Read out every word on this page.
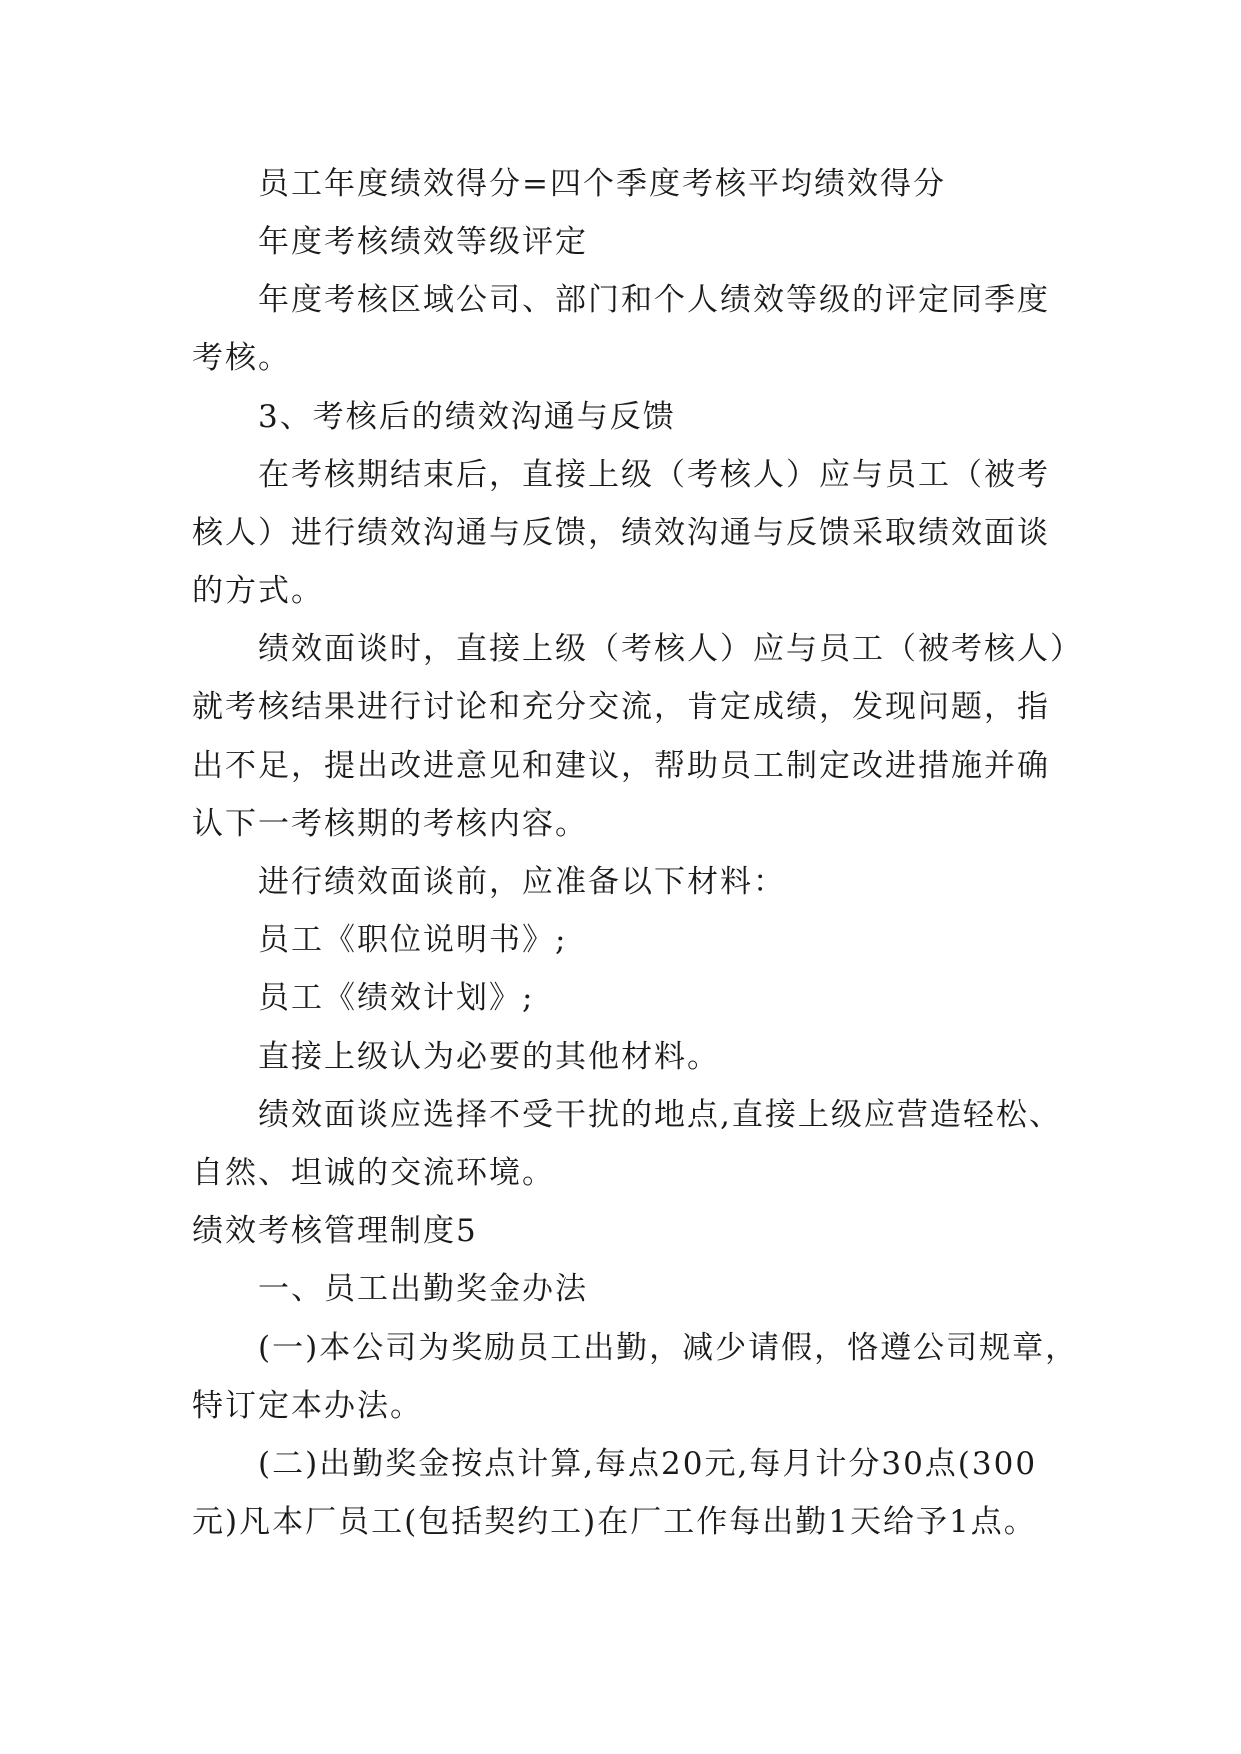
员工年度绩效得分=四个季度考核平均绩效得分
年度考核绩效等级评定
年度考核区域公司、部门和个人绩效等级的评定同季度
考核。
3、考核后的绩效沟通与反馈
在考核期结束后，直接上级（考核人）应与员工（被考
核人）进行绩效沟通与反馈，绩效沟通与反馈采取绩效面谈
的方式。
绩效面谈时，直接上级（考核人）应与员工（被考核人）
就考核结果进行讨论和充分交流，肯定成绩，发现问题，指
出不足，提出改进意见和建议，帮助员工制定改进措施并确
认下一考核期的考核内容。
进行绩效面谈前，应准备以下材料：
员工《职位说明书》;
员工《绩效计划》;
直接上级认为必要的其他材料。
绩效面谈应选择不受干扰的地点,直接上级应营造轻松、
自然、坦诚的交流环境。
绩效考核管理制度5
一、员工出勤奖金办法
(一)本公司为奖励员工出勤，减少请假，恪遵公司规章，
特订定本办法。
(二)出勤奖金按点计算,每点20元,每月计分30点(300
元)凡本厂员工(包括契约工)在厂工作每出勤1天给予1点。
